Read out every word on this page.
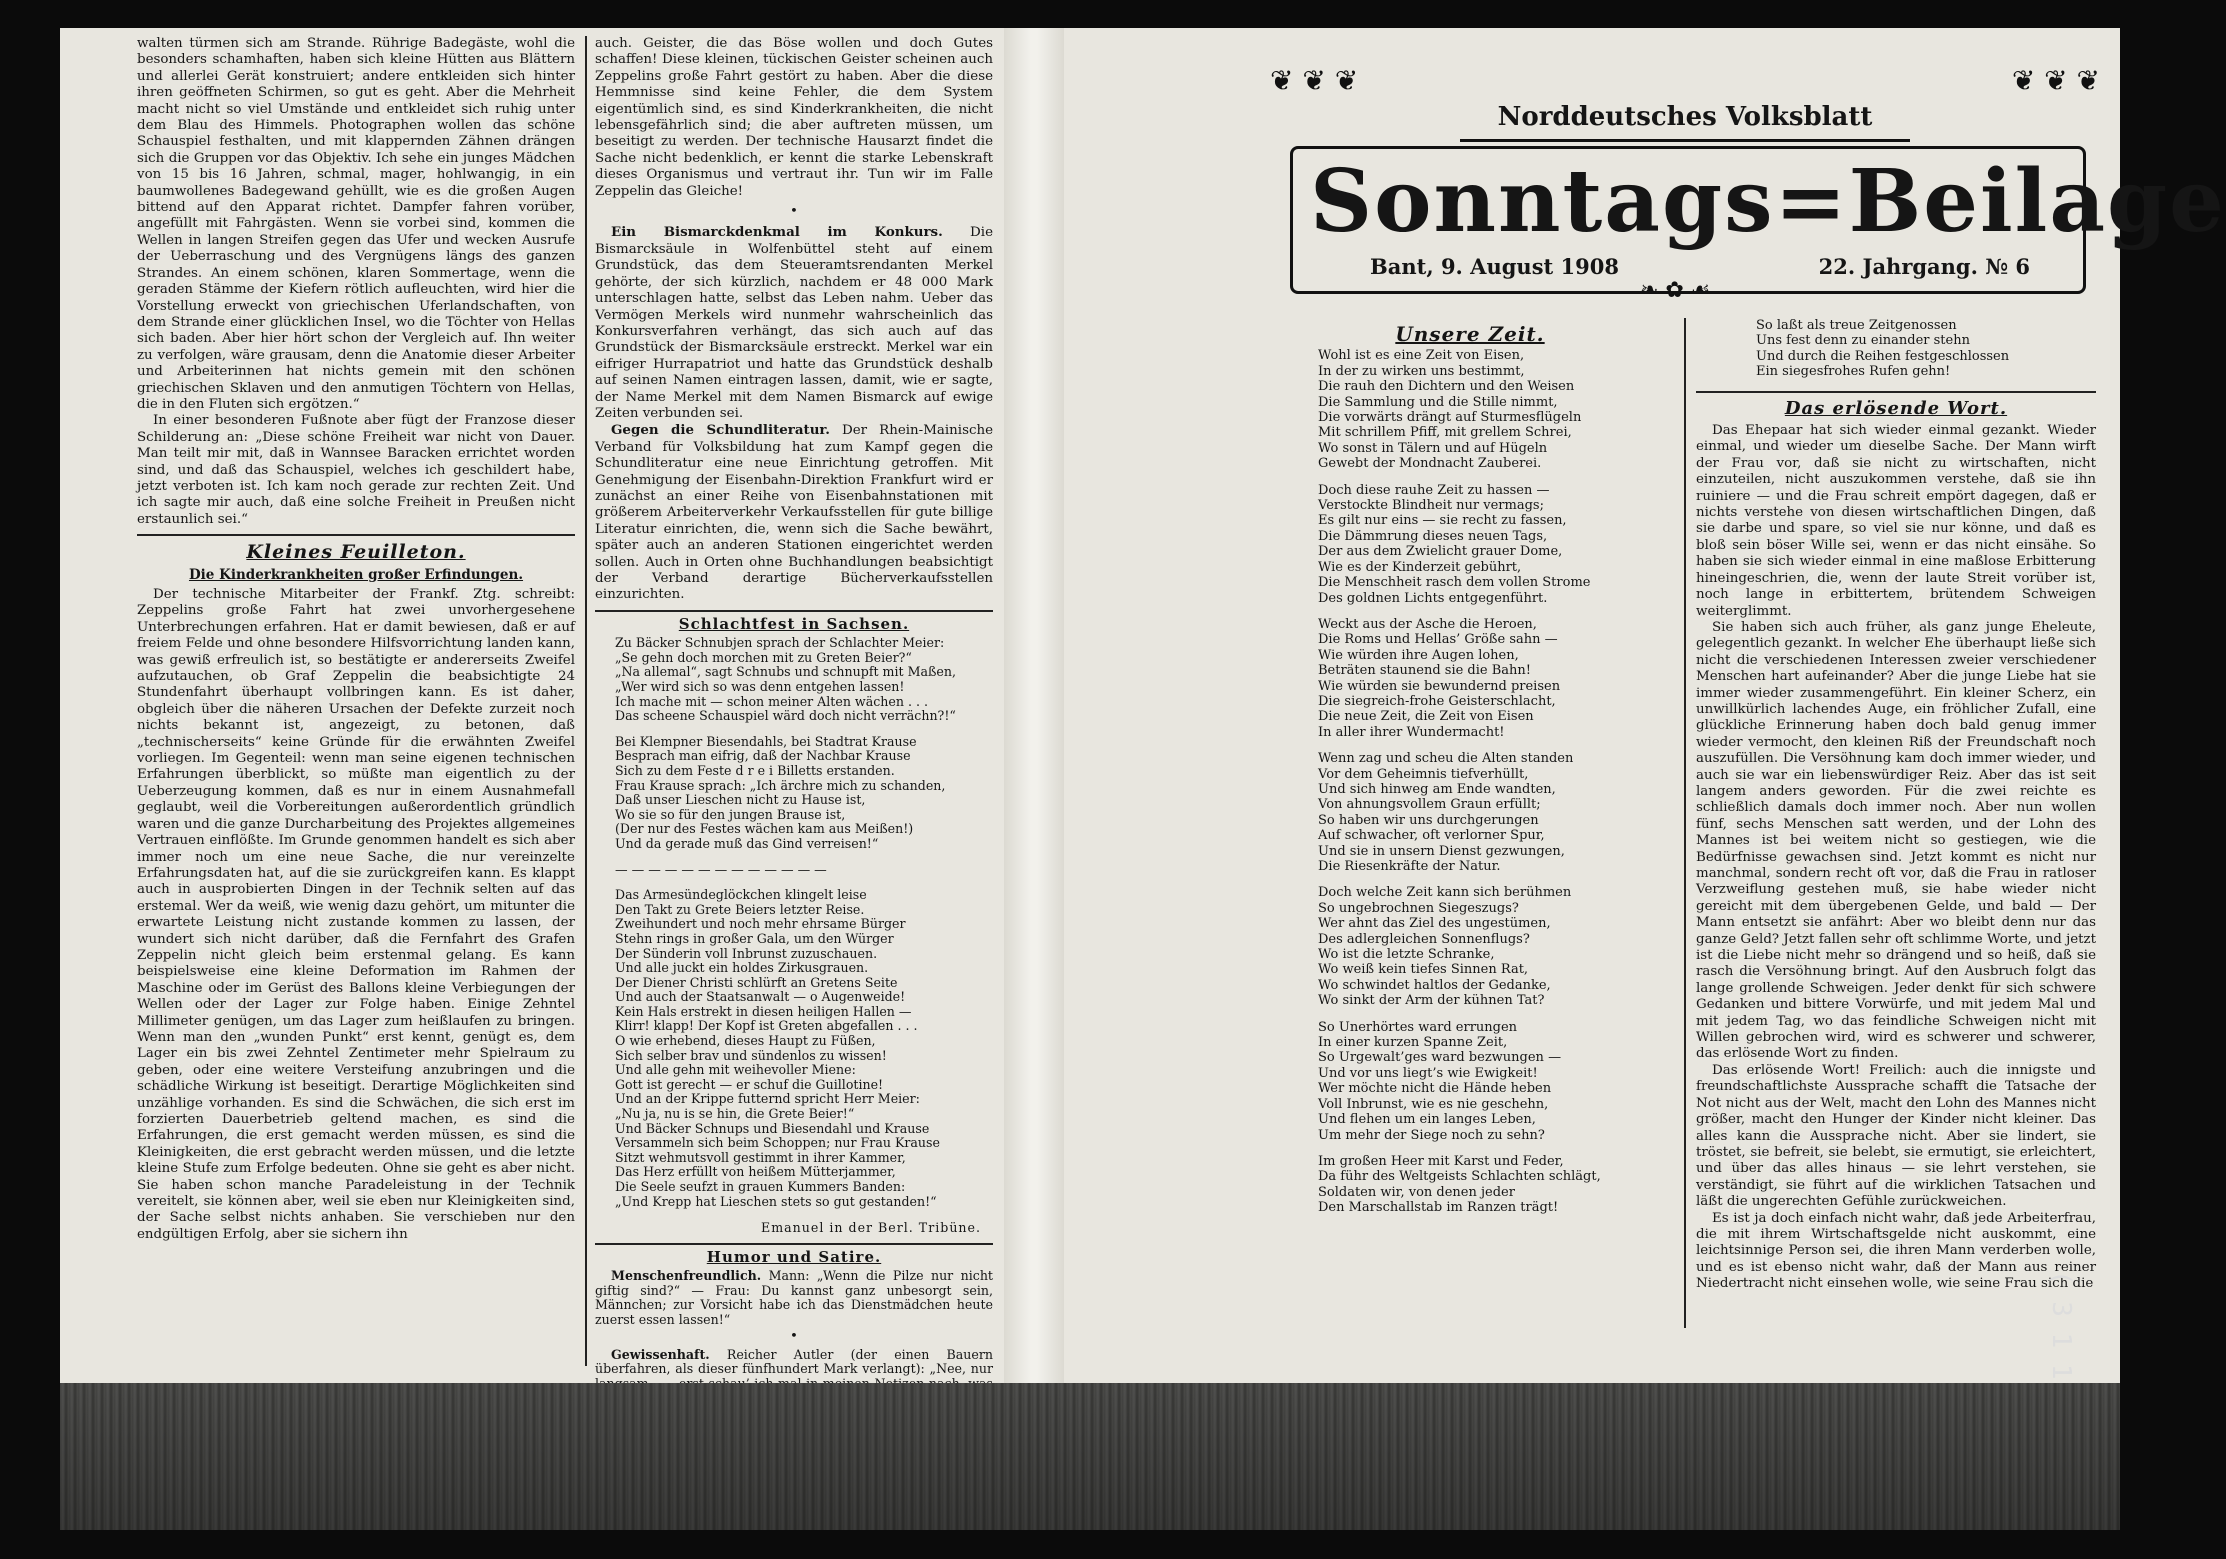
walten türmen sich am Strande. Rührige Badegäste, wohl die besonders schamhaften, haben sich kleine Hütten aus Blättern und allerlei Gerät konstruiert; andere entkleiden sich hinter ihren geöffneten Schirmen, so gut es geht. Aber die Mehrheit macht nicht so viel Umstände und entkleidet sich ruhig unter dem Blau des Himmels. Photographen wollen das schöne Schauspiel festhalten, und mit klappernden Zähnen drängen sich die Gruppen vor das Objektiv. Ich sehe ein junges Mädchen von 15 bis 16 Jahren, schmal, mager, hohlwangig, in ein baumwollenes Badegewand gehüllt, wie es die großen Augen bittend auf den Apparat richtet. Dampfer fahren vorüber, angefüllt mit Fahrgästen. Wenn sie vorbei sind, kommen die Wellen in langen Streifen gegen das Ufer und wecken Ausrufe der Ueberraschung und des Vergnügens längs des ganzen Strandes. An einem schönen, klaren Sommertage, wenn die geraden Stämme der Kiefern rötlich aufleuchten, wird hier die Vorstellung erweckt von griechischen Uferlandschaften, von dem Strande einer glücklichen Insel, wo die Töchter von Hellas sich baden. Aber hier hört schon der Vergleich auf. Ihn weiter zu verfolgen, wäre grausam, denn die Anatomie dieser Arbeiter und Arbeiterinnen hat nichts gemein mit den schönen griechischen Sklaven und den anmutigen Töchtern von Hellas, die in den Fluten sich ergötzen.“

In einer besonderen Fußnote aber fügt der Franzose dieser Schilderung an: „Diese schöne Freiheit war nicht von Dauer. Man teilt mir mit, daß in Wannsee Baracken errichtet worden sind, und daß das Schauspiel, welches ich geschildert habe, jetzt verboten ist. Ich kam noch gerade zur rechten Zeit. Und ich sagte mir auch, daß eine solche Freiheit in Preußen nicht erstaunlich sei.“

Kleines Feuilleton.
Die Kinderkrankheiten großer Erfindungen.

Der technische Mitarbeiter der Frankf. Ztg. schreibt: Zeppelins große Fahrt hat zwei unvorhergesehene Unterbrechungen erfahren. Hat er damit bewiesen, daß er auf freiem Felde und ohne besondere Hilfsvorrichtung landen kann, was gewiß erfreulich ist, so bestätigte er andererseits Zweifel aufzutauchen, ob Graf Zeppelin die beabsichtigte 24 Stundenfahrt überhaupt vollbringen kann. Es ist daher, obgleich über die näheren Ursachen der Defekte zurzeit noch nichts bekannt ist, angezeigt, zu betonen, daß „technischerseits“ keine Gründe für die erwähnten Zweifel vorliegen. Im Gegenteil: wenn man seine eigenen technischen Erfahrungen überblickt, so müßte man eigentlich zu der Ueberzeugung kommen, daß es nur in einem Ausnahmefall geglaubt, weil die Vorbereitungen außerordentlich gründlich waren und die ganze Durcharbeitung des Projektes allgemeines Vertrauen einflößte. Im Grunde genommen handelt es sich aber immer noch um eine neue Sache, die nur vereinzelte Erfahrungsdaten hat, auf die sie zurückgreifen kann. Es klappt auch in ausprobierten Dingen in der Technik selten auf das erstemal. Wer da weiß, wie wenig dazu gehört, um mitunter die erwartete Leistung nicht zustande kommen zu lassen, der wundert sich nicht darüber, daß die Fernfahrt des Grafen Zeppelin nicht gleich beim erstenmal gelang. Es kann beispielsweise eine kleine Deformation im Rahmen der Maschine oder im Gerüst des Ballons kleine Verbiegungen der Wellen oder der Lager zur Folge haben. Einige Zehntel Millimeter genügen, um das Lager zum heißlaufen zu bringen. Wenn man den „wunden Punkt“ erst kennt, genügt es, dem Lager ein bis zwei Zehntel Zentimeter mehr Spielraum zu geben, oder eine weitere Versteifung anzubringen und die schädliche Wirkung ist beseitigt. Derartige Möglichkeiten sind unzählige vorhanden. Es sind die Schwächen, die sich erst im forzierten Dauerbetrieb geltend machen, es sind die Erfahrungen, die erst gemacht werden müssen, es sind die Kleinigkeiten, die erst gebracht werden müssen, und die letzte kleine Stufe zum Erfolge bedeuten. Ohne sie geht es aber nicht. Sie haben schon manche Paradeleistung in der Technik vereitelt, sie können aber, weil sie eben nur Kleinigkeiten sind, der Sache selbst nichts anhaben. Sie verschieben nur den endgültigen Erfolg, aber sie sichern ihn

auch. Geister, die das Böse wollen und doch Gutes schaffen! Diese kleinen, tückischen Geister scheinen auch Zeppelins große Fahrt gestört zu haben. Aber die diese Hemmnisse sind keine Fehler, die dem System eigentümlich sind, es sind Kinderkrankheiten, die nicht lebensgefährlich sind; die aber auftreten müssen, um beseitigt zu werden. Der technische Hausarzt findet die Sache nicht bedenklich, er kennt die starke Lebenskraft dieses Organismus und vertraut ihr. Tun wir im Falle Zeppelin das Gleiche!

•

Ein Bismarckdenkmal im Konkurs. Die Bismarcksäule in Wolfenbüttel steht auf einem Grundstück, das dem Steueramtsrendanten Merkel gehörte, der sich kürzlich, nachdem er 48 000 Mark unterschlagen hatte, selbst das Leben nahm. Ueber das Vermögen Merkels wird nunmehr wahrscheinlich das Konkursverfahren verhängt, das sich auch auf das Grundstück der Bismarcksäule erstreckt. Merkel war ein eifriger Hurrapatriot und hatte das Grundstück deshalb auf seinen Namen eintragen lassen, damit, wie er sagte, der Name Merkel mit dem Namen Bismarck auf ewige Zeiten verbunden sei.

Gegen die Schundliteratur. Der Rhein-Mainische Verband für Volksbildung hat zum Kampf gegen die Schundliteratur eine neue Einrichtung getroffen. Mit Genehmigung der Eisenbahn-Direktion Frankfurt wird er zunächst an einer Reihe von Eisenbahnstationen mit größerem Arbeiterverkehr Verkaufsstellen für gute billige Literatur einrichten, die, wenn sich die Sache bewährt, später auch an anderen Stationen eingerichtet werden sollen. Auch in Orten ohne Buchhandlungen beabsichtigt der Verband derartige Bücherverkaufsstellen einzurichten.

Schlachtfest in Sachsen.
Zu Bäcker Schnubjen sprach der Schlachter Meier:
„Se gehn doch morchen mit zu Greten Beier?“
„Na allemal“, sagt Schnubs und schnupft mit Maßen,
„Wer wird sich so was denn entgehen lassen!
Ich mache mit — schon meiner Alten wächen . . .
Das scheene Schauspiel wärd doch nicht verrächn?!“
Bei Klempner Biesendahls, bei Stadtrat Krause
Besprach man eifrig, daß der Nachbar Krause
Sich zu dem Feste d r e i Billetts erstanden.
Frau Krause sprach: „Ich ärchre mich zu schanden,
Daß unser Lieschen nicht zu Hause ist,
Wo sie so für den jungen Brause ist,
(Der nur des Festes wächen kam aus Meißen!)
Und da gerade muß das Gind verreisen!“
— — — — — — — — — — — — —
Das Armesündeglöckchen klingelt leise
Den Takt zu Grete Beiers letzter Reise.
Zweihundert und noch mehr ehrsame Bürger
Stehn rings in großer Gala, um den Würger
Der Sünderin voll Inbrunst zuzuschauen.
Und alle juckt ein holdes Zirkusgrauen.
Der Diener Christi schlürft an Gretens Seite
Und auch der Staatsanwalt — o Augenweide!
Kein Hals erstrekt in diesen heiligen Hallen —
Klirr! klapp! Der Kopf ist Greten abgefallen . . .
O wie erhebend, dieses Haupt zu Füßen,
Sich selber brav und sündenlos zu wissen!
Und alle gehn mit weihevoller Miene:
Gott ist gerecht — er schuf die Guillotine!
Und an der Krippe futternd spricht Herr Meier:
„Nu ja, nu is se hin, die Grete Beier!“
Und Bäcker Schnups und Biesendahl und Krause
Versammeln sich beim Schoppen; nur Frau Krause
Sitzt wehmutsvoll gestimmt in ihrer Kammer,
Das Herz erfüllt von heißem Mütterjammer,
Die Seele seufzt in grauen Kummers Banden:
„Und Krepp hat Lieschen stets so gut gestanden!“
Emanuel in der Berl. Tribüne.
Humor und Satire.

Menschenfreundlich. Mann: „Wenn die Pilze nur nicht giftig sind?“ — Frau: Du kannst ganz unbesorgt sein, Männchen; zur Vorsicht habe ich das Dienstmädchen heute zuerst essen lassen!“

•

Gewissenhaft. Reicher Autler (der einen Bauern überfahren, als dieser fünfhundert Mark verlangt): „Nee, nur

❦ ❦ ❦	❦ ❦ ❦
Norddeutsches Volksblatt
Sonntags=Beilage
Bant, 9. August 1908	22. Jahrgang. № 6
❧ ✿ ☙
Unsere Zeit.
Wohl ist es eine Zeit von Eisen,
In der zu wirken uns bestimmt,
Die rauh den Dichtern und den Weisen
Die Sammlung und die Stille nimmt,
Die vorwärts drängt auf Sturmesflügeln
Mit schrillem Pfiff, mit grellem Schrei,
Wo sonst in Tälern und auf Hügeln
Gewebt der Mondnacht Zauberei.
Doch diese rauhe Zeit zu hassen —
Verstockte Blindheit nur vermags;
Es gilt nur eins — sie recht zu fassen,
Die Dämmrung dieses neuen Tags,
Der aus dem Zwielicht grauer Dome,
Wie es der Kinderzeit gebührt,
Die Menschheit rasch dem vollen Strome
Des goldnen Lichts entgegenführt.
Weckt aus der Asche die Heroen,
Die Roms und Hellas’ Größe sahn —
Wie würden ihre Augen lohen,
Beträten staunend sie die Bahn!
Wie würden sie bewundernd preisen
Die siegreich-frohe Geisterschlacht,
Die neue Zeit, die Zeit von Eisen
In aller ihrer Wundermacht!
Wenn zag und scheu die Alten standen
Vor dem Geheimnis tiefverhüllt,
Und sich hinweg am Ende wandten,
Von ahnungsvollem Graun erfüllt;
So haben wir uns durchgerungen
Auf schwacher, oft verlorner Spur,
Und sie in unsern Dienst gezwungen,
Die Riesenkräfte der Natur.
Doch welche Zeit kann sich berühmen
So ungebrochnen Siegeszugs?
Wer ahnt das Ziel des ungestümen,
Des adlergleichen Sonnenflugs?
Wo ist die letzte Schranke,
Wo weiß kein tiefes Sinnen Rat,
Wo schwindet haltlos der Gedanke,
Wo sinkt der Arm der kühnen Tat?
So Unerhörtes ward errungen
In einer kurzen Spanne Zeit,
So Urgewalt’ges ward bezwungen —
Und vor uns liegt’s wie Ewigkeit!
Wer möchte nicht die Hände heben
Voll Inbrunst, wie es nie geschehn,
Und flehen um ein langes Leben,
Um mehr der Siege noch zu sehn?
Im großen Heer mit Karst und Feder,
Da führ des Weltgeists Schlachten schlägt,
Soldaten wir, von denen jeder
Den Marschallstab im Ranzen trägt!
So laßt als treue Zeitgenossen
Uns fest denn zu einander stehn
Und durch die Reihen festgeschlossen
Ein siegesfrohes Rufen gehn!
Das erlösende Wort.

Das Ehepaar hat sich wieder einmal gezankt. Wieder einmal, und wieder um dieselbe Sache. Der Mann wirft der Frau vor, daß sie nicht zu wirtschaften, nicht einzuteilen, nicht auszukommen verstehe, daß sie ihn ruiniere — und die Frau schreit empört dagegen, daß er nichts verstehe von diesen wirtschaftlichen Dingen, daß sie darbe und spare, so viel sie nur könne, und daß es bloß sein böser Wille sei, wenn er das nicht einsähe. So haben sie sich wieder einmal in eine maßlose Erbitterung hineingeschrien, die, wenn der laute Streit vorüber ist, noch lange in erbittertem, brütendem Schweigen weiterglimmt.

Sie haben sich auch früher, als ganz junge Eheleute, gelegentlich gezankt. In welcher Ehe überhaupt ließe sich nicht die verschiedenen Interessen zweier verschiedener Menschen hart aufeinander? Aber die junge Liebe hat sie immer wieder zusammengeführt. Ein kleiner Scherz, ein unwillkürlich lachendes Auge, ein fröhlicher Zufall, eine glückliche Erinnerung haben doch bald genug immer wieder vermocht, den kleinen Riß der Freundschaft noch auszufüllen. Die Versöhnung kam doch immer wieder, und auch sie war ein liebenswürdiger Reiz. Aber das ist seit langem anders geworden. Für die zwei reichte es schließlich damals doch immer noch. Aber nun wollen fünf, sechs Menschen satt werden, und der Lohn des Mannes ist bei weitem nicht so gestiegen, wie die Bedürfnisse gewachsen sind. Jetzt kommt es nicht nur manchmal, sondern recht oft vor, daß die Frau in ratloser Verzweiflung gestehen muß, sie habe wieder nicht gereicht mit dem übergebenen Gelde, und bald — Der Mann entsetzt sie anfährt: Aber wo bleibt denn nur das ganze Geld? Jetzt fallen sehr oft schlimme Worte, und jetzt ist die Liebe nicht mehr so drängend und so heiß, daß sie rasch die Versöhnung bringt. Auf den Ausbruch folgt das lange grollende Schweigen. Jeder denkt für sich schwere Gedanken und bittere Vorwürfe, und mit jedem Mal und mit jedem Tag, wo das feindliche Schweigen nicht mit Willen gebrochen wird, wird es schwerer und schwerer, das erlösende Wort zu finden.

Das erlösende Wort! Freilich: auch die innigste und freundschaftlichste Aussprache schafft die Tatsache der Not nicht aus der Welt, macht den Lohn des Mannes nicht größer, macht den Hunger der Kinder nicht kleiner. Das alles kann die Aussprache nicht. Aber sie lindert, sie tröstet, sie befreit, sie belebt, sie ermutigt, sie erleichtert, und über das alles hinaus — sie lehrt verstehen, sie verständigt, sie führt auf die wirklichen Tatsachen und läßt die ungerechten Gefühle zurückweichen.

Es ist ja doch einfach nicht wahr, daß jede Arbeiterfrau, die mit ihrem Wirtschaftsgelde nicht auskommt, eine leichtsinnige Person sei, die ihren Mann verderben wolle, und es ist ebenso nicht wahr, daß der Mann aus reiner Niedertracht nicht einsehen wolle, wie seine Frau sich die

( 3 1 1
